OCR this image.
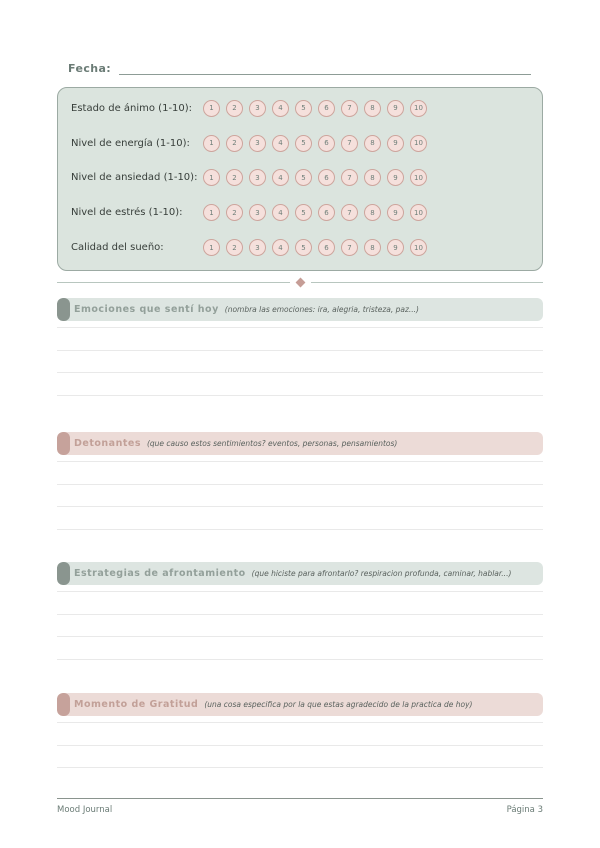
Fecha:
Estado de ánimo (1-10):	1	2	3	4	5	6	7	8	9	10
Nivel de energía (1-10):	1	2	3	4	5	6	7	8	9	10
Nivel de ansiedad (1-10):	1	2	3	4	5	6	7	8	9	10
Nivel de estrés (1-10):	1	2	3	4	5	6	7	8	9	10
Calidad del sueño:	1	2	3	4	5	6	7	8	9	10
Emociones que sentí hoy (nombra las emociones: ira, alegria, tristeza, paz...)
Detonantes (que causo estos sentimientos? eventos, personas, pensamientos)
Estrategias de afrontamiento (que hiciste para afrontarlo? respiracion profunda, caminar, hablar...)
Momento de Gratitud (una cosa especifica por la que estas agradecido de la practica de hoy)
Mood Journal	Página 3
